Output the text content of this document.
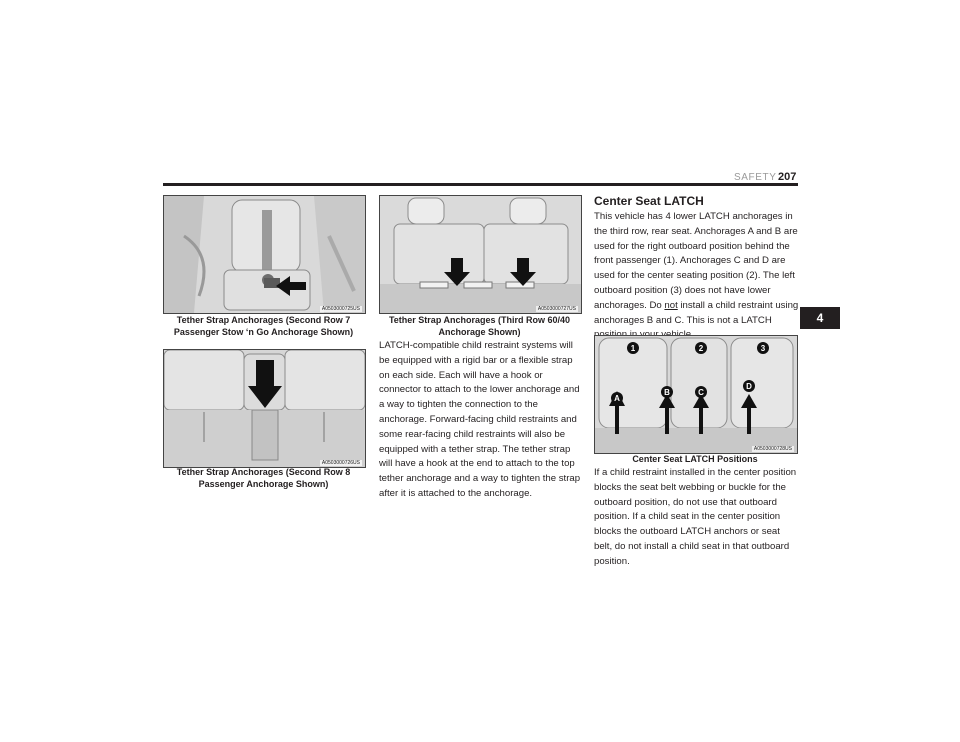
SAFETY 207
A0503000725US
Tether Strap Anchorages (Second Row 7 Passenger Stow ‘n Go Anchorage Shown)
A0503000726US
Tether Strap Anchorages (Second Row 8 Passenger Anchorage Shown)
A0503000727US
Tether Strap Anchorages (Third Row 60/40 Anchorage Shown)

LATCH-compatible child restraint systems will be equipped with a rigid bar or a flexible strap on each side. Each will have a hook or connector to attach to the lower anchorage and a way to tighten the connection to the anchorage. Forward-facing child restraints and some rear-facing child restraints will also be equipped with a tether strap. The tether strap will have a hook at the end to attach to the top tether anchorage and a way to tighten the strap after it is attached to the anchorage.

Center Seat LATCH

This vehicle has 4 lower LATCH anchorages in the third row, rear seat. Anchorages A and B are used for the right outboard position behind the front passenger (1). Anchorages C and D are used for the center seating position (2). The left outboard position (3) does not have lower anchorages. Do not install a child restraint using anchorages B and C. This is not a LATCH

1	2	3
A
B	C
D
A0503000728US
Center Seat LATCH Positions

If a child restraint installed in the center position blocks the seat belt webbing or buckle for the outboard position, do not use that outboard position. If a child seat in the center position blocks the outboard LATCH anchors or seat belt, do not install a child seat in that outboard position.

4
